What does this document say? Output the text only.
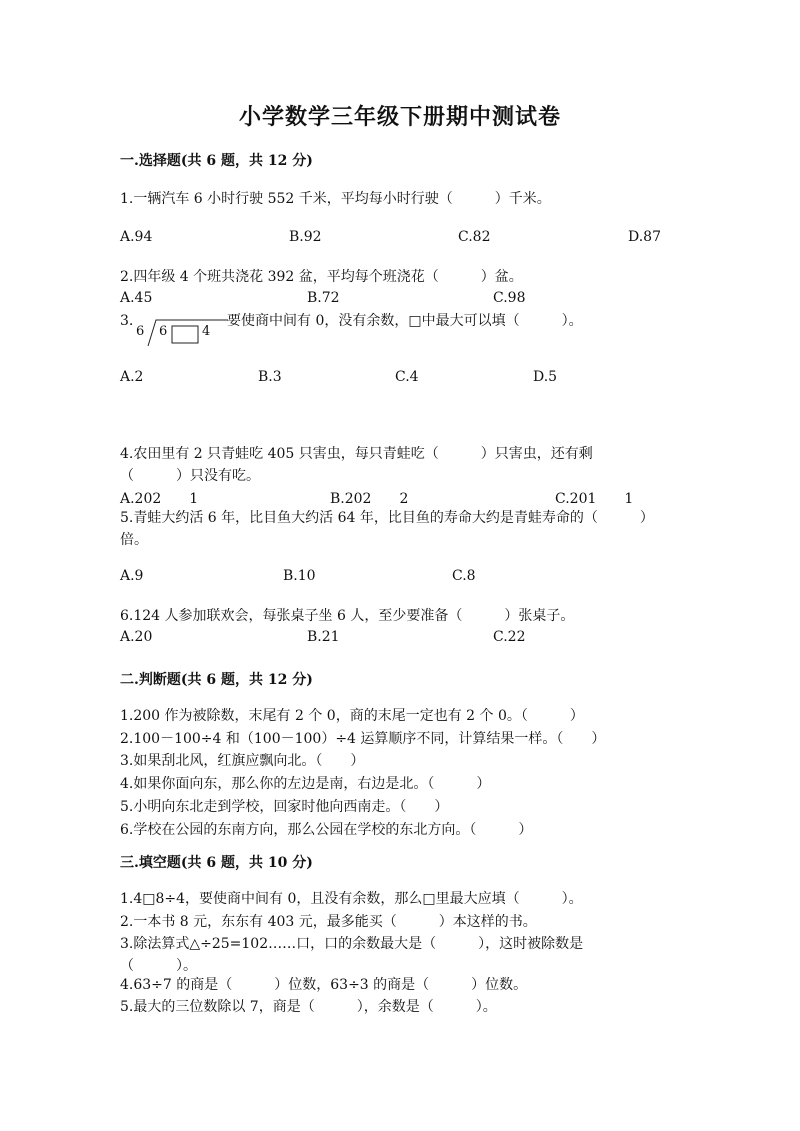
小学数学三年级下册期中测试卷
一.选择题(共 6 题，共 12 分)
1.一辆汽车 6 小时行驶 552 千米，平均每小时行驶（　　　）千米。
A.94	B.92	C.82	D.87
2.四年级 4 个班共浇花 392 盆，平均每个班浇花（　　　）盆。
A.45	B.72	C.98
3.
6 6	4
要使商中间有 0，没有余数，□中最大可以填（　　　）。
A.2	B.3	C.4	D.5
4.农田里有 2 只青蛙吃 405 只害虫，每只青蛙吃（　　　）只害虫，还有剩（　　　）只没有吃。
A.202　　1	B.202　　2	C.201　　1
5.青蛙大约活 6 年，比目鱼大约活 64 年，比目鱼的寿命大约是青蛙寿命的（　　　）倍。
A.9	B.10	C.8
6.124 人参加联欢会，每张桌子坐 6 人，至少要准备（　　　）张桌子。
A.20	B.21	C.22
二.判断题(共 6 题，共 12 分)
1.200 作为被除数，末尾有 2 个 0，商的末尾一定也有 2 个 0。（　　　）
2.100－100÷4 和（100－100）÷4 运算顺序不同，计算结果一样。（　　）
3.如果刮北风，红旗应飘向北。（　　）
4.如果你面向东，那么你的左边是南，右边是北。（　　　）
5.小明向东北走到学校，回家时他向西南走。（　　）
6.学校在公园的东南方向，那么公园在学校的东北方向。（　　　）
三.填空题(共 6 题，共 10 分)
1.4□8÷4，要使商中间有 0，且没有余数，那么□里最大应填（　　　）。
2.一本书 8 元，东东有 403 元，最多能买（　　　）本这样的书。
3.除法算式△÷25=102……口，口的余数最大是（　　　），这时被除数是（　　　）。
4.63÷7 的商是（　　　）位数，63÷3 的商是（　　　）位数。
5.最大的三位数除以 7，商是（　　　），余数是（　　　）。
